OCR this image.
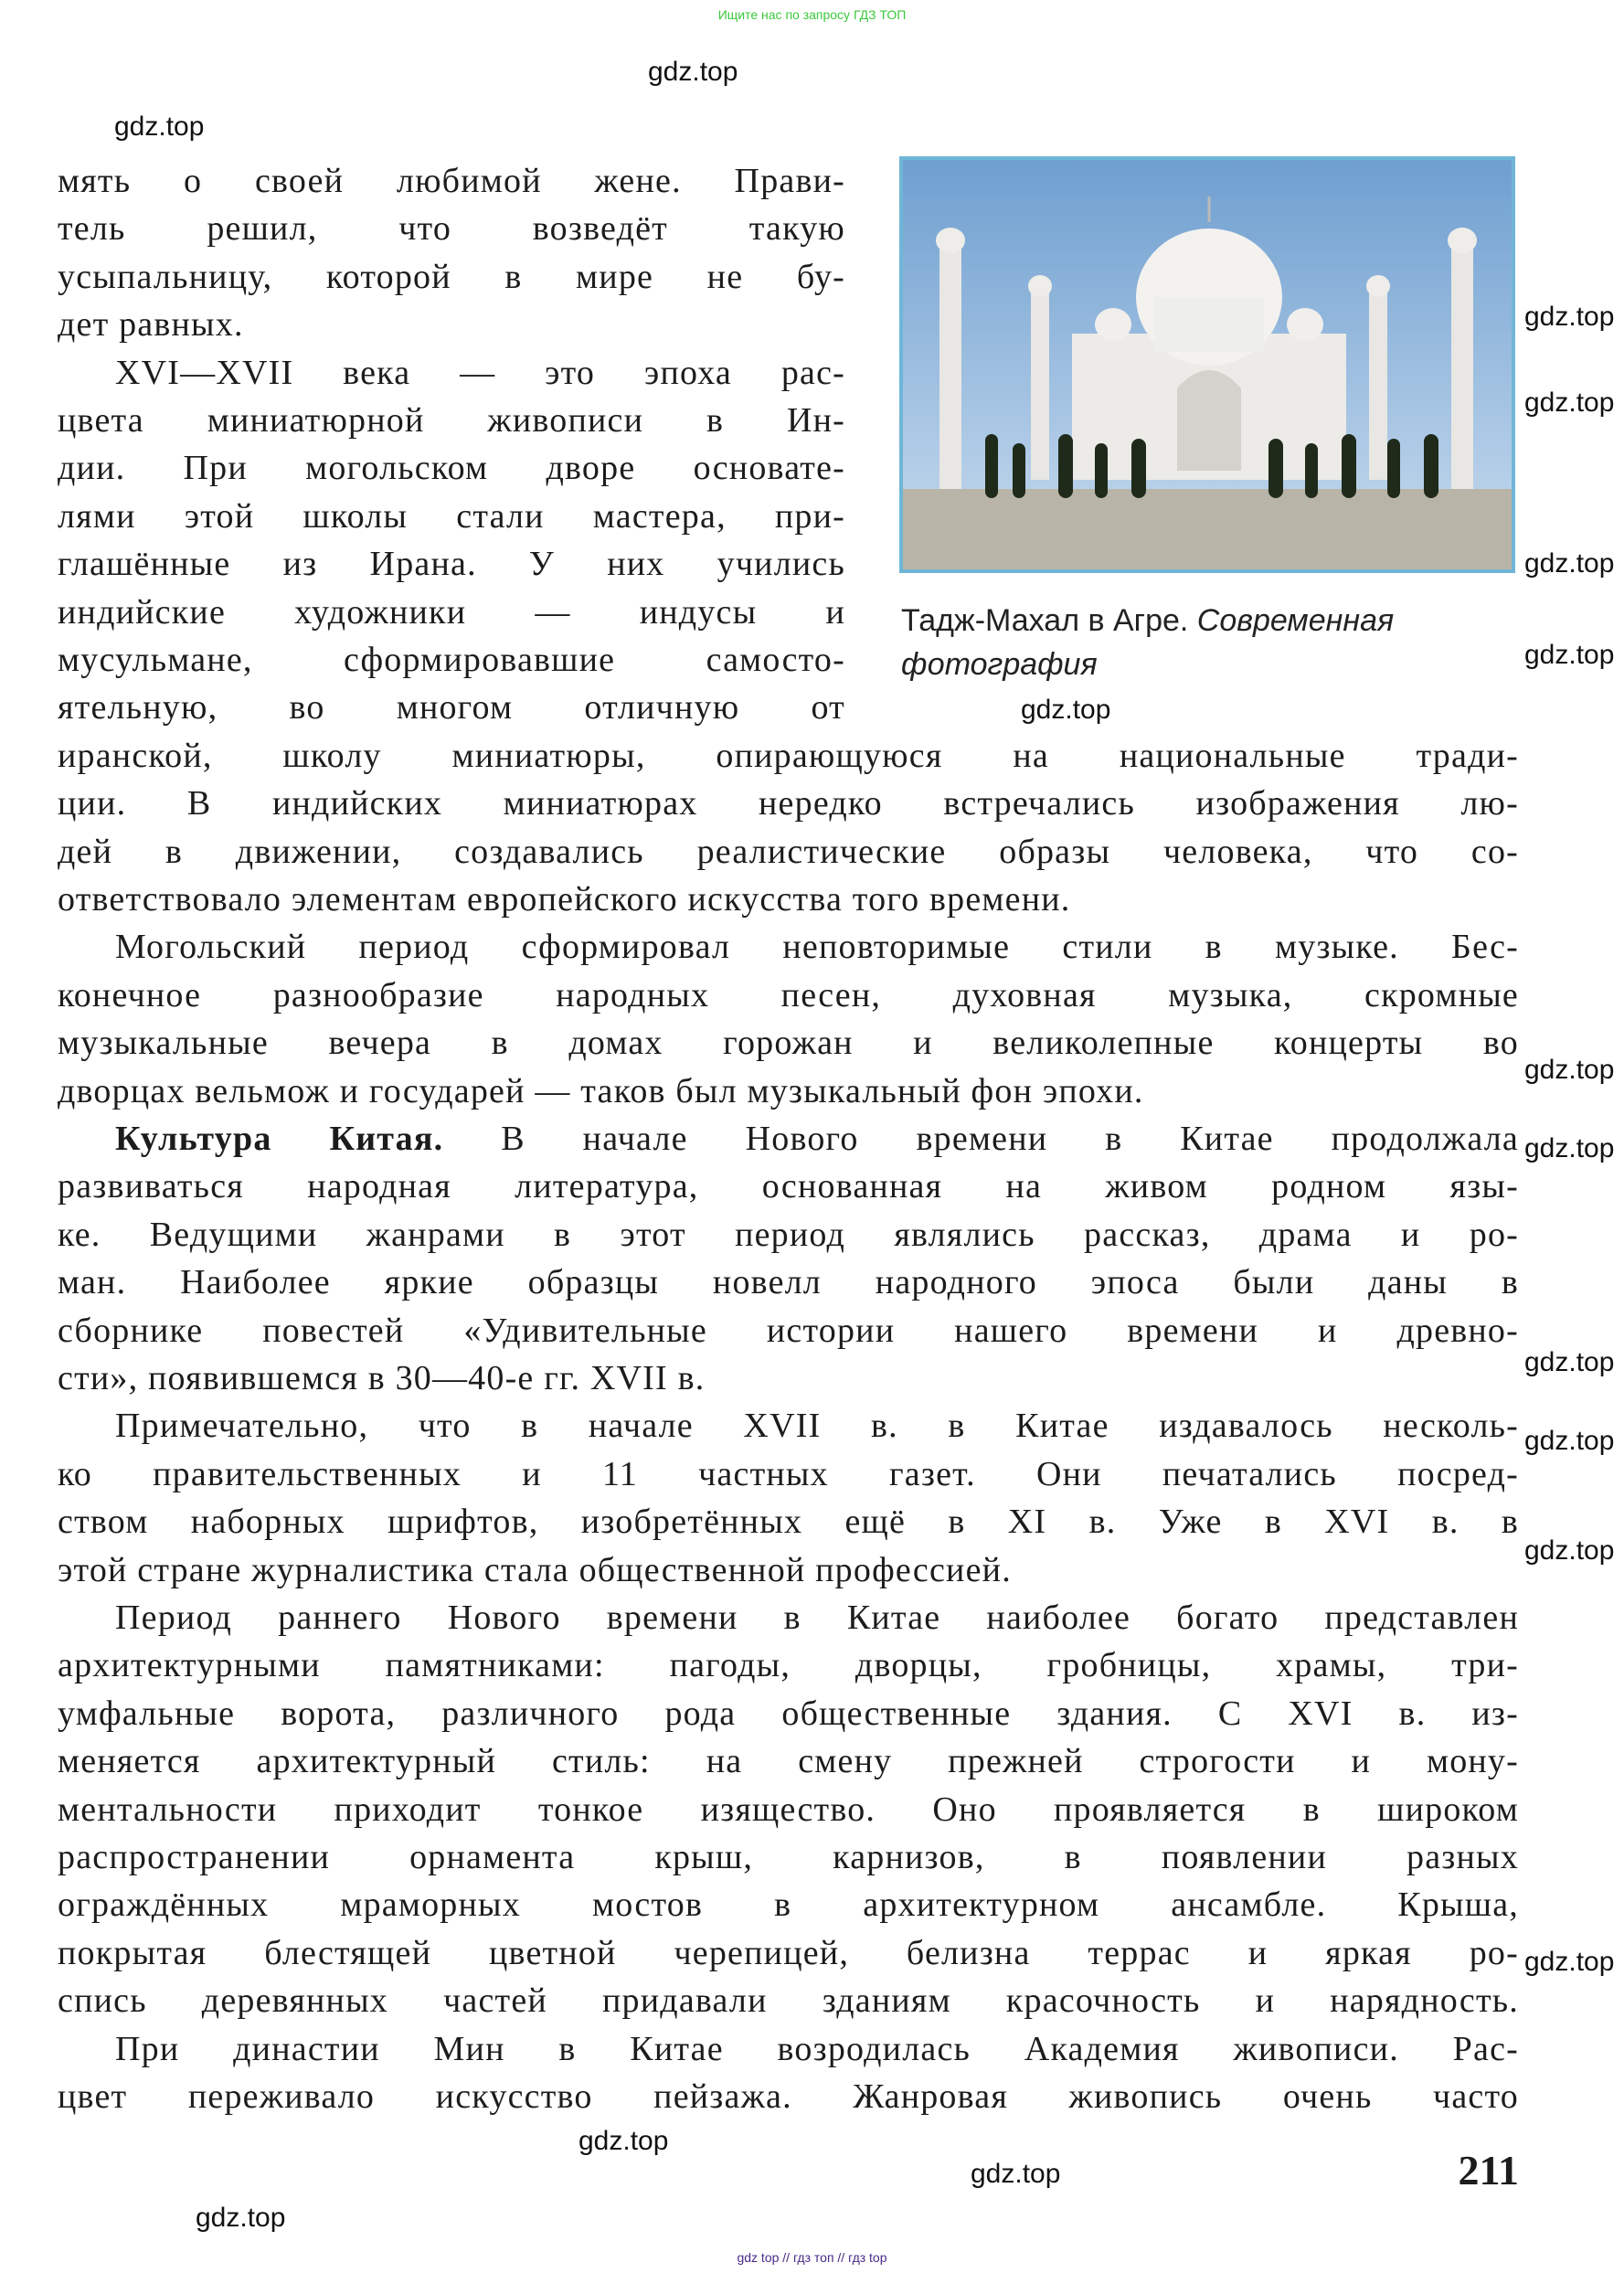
Ищите нас по запросу ГДЗ ТОП
Тадж-Махал в Агре. Современная фотография
мять о своей любимой жене. Прави-
тель решил, что возведёт такую
усыпальницу, которой в мире не бу-
дет равных.
XVI—XVII века — это эпоха рас-
цвета миниатюрной живописи в Ин-
дии. При могольском дворе основате-
лями этой школы стали мастера, при-
глашённые из Ирана. У них учились
индийские художники — индусы и
мусульмане, сформировавшие самосто-
ятельную, во многом отличную от
иранской, школу миниатюры, опирающуюся на национальные тради-
ции. В индийских миниатюрах нередко встречались изображения лю-
дей в движении, создавались реалистические образы человека, что со-
ответствовало элементам европейского искусства того времени.
Могольский период сформировал неповторимые стили в музыке. Бес-
конечное разнообразие народных песен, духовная музыка, скромные
музыкальные вечера в домах горожан и великолепные концерты во
дворцах вельмож и государей — таков был музыкальный фон эпохи.
Культура Китая. В начале Нового времени в Китае продолжала
развиваться народная литература, основанная на живом родном язы-
ке. Ведущими жанрами в этот период являлись рассказ, драма и ро-
ман. Наиболее яркие образцы новелл народного эпоса были даны в
сборнике повестей «Удивительные истории нашего времени и древно-
сти», появившемся в 30—40-е гг. XVII в.
Примечательно, что в начале XVII в. в Китае издавалось несколь-
ко правительственных и 11 частных газет. Они печатались посред-
ством наборных шрифтов, изобретённых ещё в XI в. Уже в XVI в. в
этой стране журналистика стала общественной профессией.
Период раннего Нового времени в Китае наиболее богато представлен
архитектурными памятниками: пагоды, дворцы, гробницы, храмы, три-
умфальные ворота, различного рода общественные здания. С XVI в. из-
меняется архитектурный стиль: на смену прежней строгости и мону-
ментальности приходит тонкое изящество. Оно проявляется в широком
распространении орнамента крыш, карнизов, в появлении разных
ограждённых мраморных мостов в архитектурном ансамбле. Крыша,
покрытая блестящей цветной черепицей, белизна террас и яркая ро-
спись деревянных частей придавали зданиям красочность и нарядность.
При династии Мин в Китае возродилась Академия живописи. Рас-
цвет переживало искусство пейзажа. Жанровая живопись очень часто
211
gdz.top
gdz.top
gdz.top
gdz.top
gdz.top
gdz.top
gdz.top
gdz.top
gdz.top
gdz.top
gdz.top
gdz.top
gdz.top
gdz.top
gdz.top
gdz.top
gdz top // гдз топ // гдз top
